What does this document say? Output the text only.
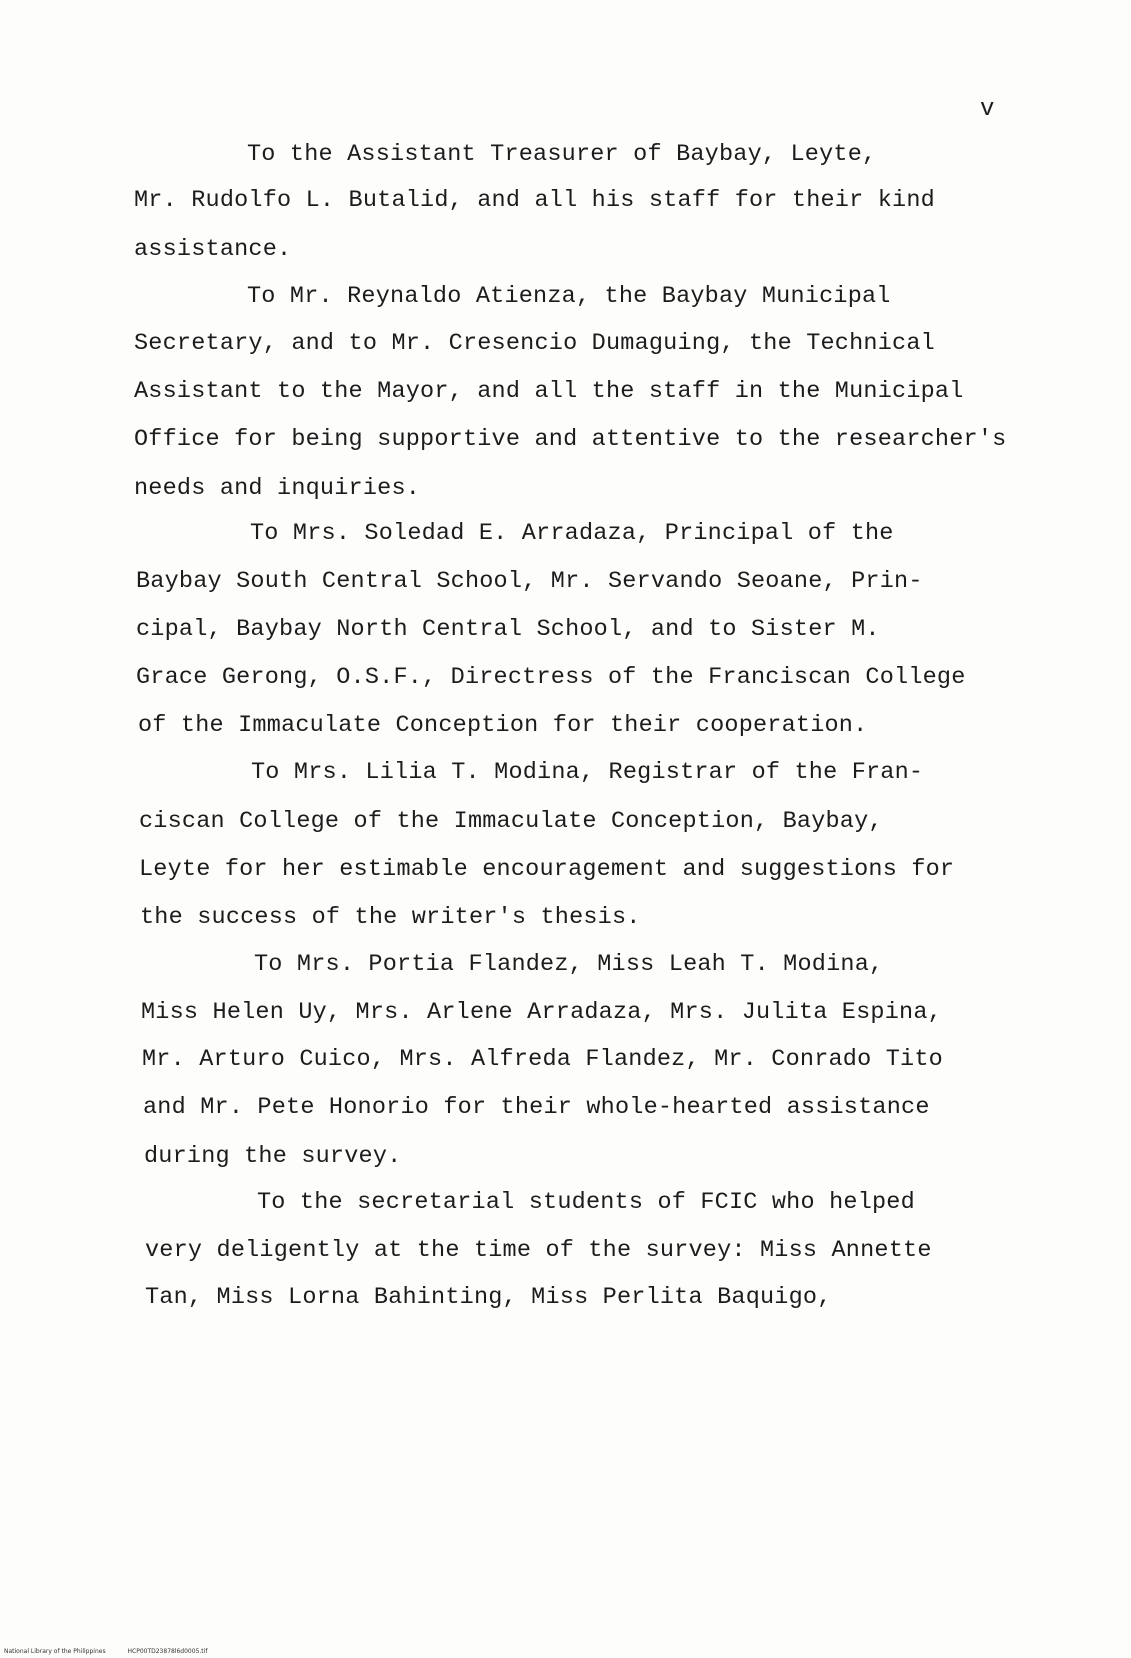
v

To the Assistant Treasurer of Baybay, Leyte,

Mr. Rudolfo L. Butalid, and all his staff for their kind

assistance.

To Mr. Reynaldo Atienza, the Baybay Municipal

Secretary, and to Mr. Cresencio Dumaguing, the Technical

Assistant to the Mayor, and all the staff in the Municipal

Office for being supportive and attentive to the researcher's

needs and inquiries.

To Mrs. Soledad E. Arradaza, Principal of the

Baybay South Central School, Mr. Servando Seoane, Prin-

cipal, Baybay North Central School, and to Sister M.

Grace Gerong, O.S.F., Directress of the Franciscan College

of the Immaculate Conception for their cooperation.

To Mrs. Lilia T. Modina, Registrar of the Fran-

ciscan College of the Immaculate Conception, Baybay,

Leyte for her estimable encouragement and suggestions for

the success of the writer's thesis.

To Mrs. Portia Flandez, Miss Leah T. Modina,

Miss Helen Uy, Mrs. Arlene Arradaza, Mrs. Julita Espina,

Mr. Arturo Cuico, Mrs. Alfreda Flandez, Mr. Conrado Tito

and Mr. Pete Honorio for their whole-hearted assistance

during the survey.

To the secretarial students of FCIC who helped

very deligently at the time of the survey: Miss Annette

Tan, Miss Lorna Bahinting, Miss Perlita Baquigo,

National Library of the Philippines	HCP00TD23878l6d0005.tif
